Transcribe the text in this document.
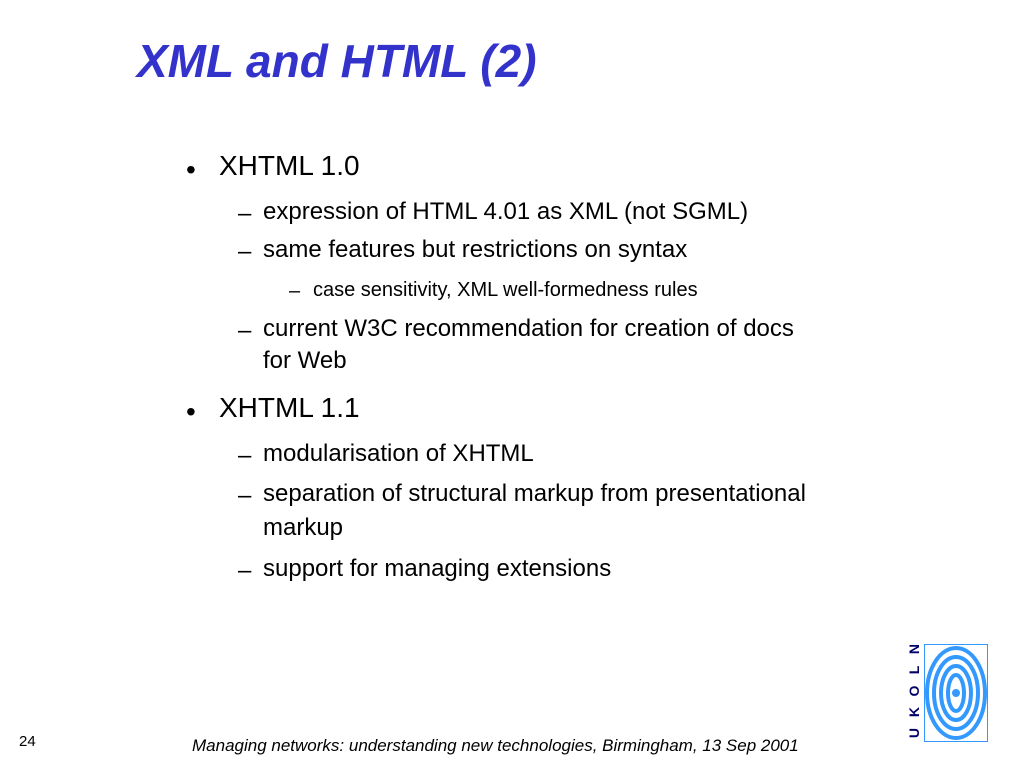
XML and HTML (2)
• XHTML 1.0
– expression of HTML 4.01 as XML (not SGML)
– same features but restrictions on syntax
– case sensitivity, XML well-formedness rules
– current W3C recommendation for creation of docs
for Web
• XHTML 1.1
– modularisation of XHTML
– separation of structural markup from presentational
markup
– support for managing extensions
24	Managing networks: understanding new technologies, Birmingham, 13 Sep 2001
N
L
O
K
U
